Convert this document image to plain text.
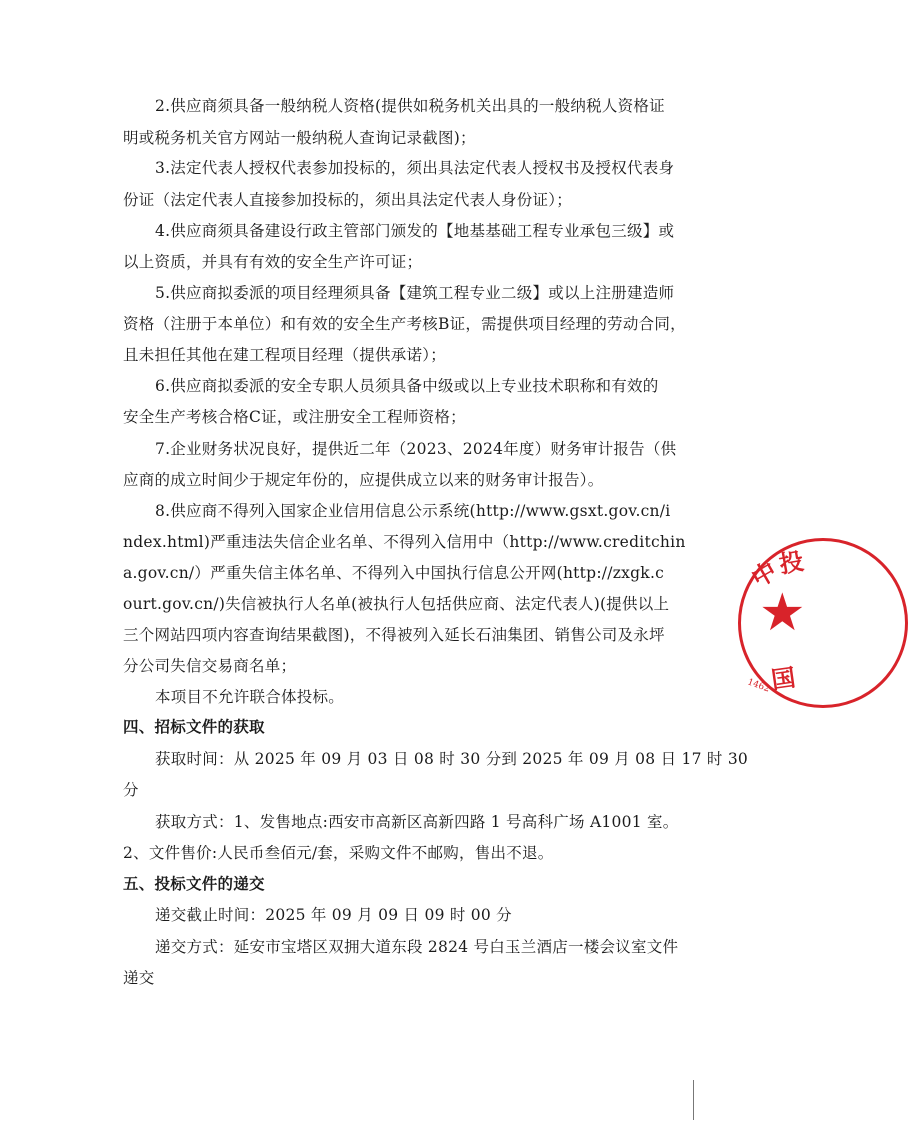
2.供应商须具备一般纳税人资格(提供如税务机关出具的一般纳税人资格证

明或税务机关官方网站一般纳税人查询记录截图)；

3.法定代表人授权代表参加投标的，须出具法定代表人授权书及授权代表身

份证（法定代表人直接参加投标的，须出具法定代表人身份证）；

4.供应商须具备建设行政主管部门颁发的【地基基础工程专业承包三级】或

以上资质，并具有有效的安全生产许可证；

5.供应商拟委派的项目经理须具备【建筑工程专业二级】或以上注册建造师

资格（注册于本单位）和有效的安全生产考核B证，需提供项目经理的劳动合同，

且未担任其他在建工程项目经理（提供承诺）；

6.供应商拟委派的安全专职人员须具备中级或以上专业技术职称和有效的

安全生产考核合格C证，或注册安全工程师资格；

7.企业财务状况良好，提供近二年（2023、2024年度）财务审计报告（供

应商的成立时间少于规定年份的，应提供成立以来的财务审计报告）。

8.供应商不得列入国家企业信用信息公示系统(http://www.gsxt.gov.cn/i

ndex.html)严重违法失信企业名单、不得列入信用中（http://www.creditchin

a.gov.cn/）严重失信主体名单、不得列入中国执行信息公开网(http://zxgk.c

ourt.gov.cn/)失信被执行人名单(被执行人包括供应商、法定代表人)(提供以上

三个网站四项内容查询结果截图)，不得被列入延长石油集团、销售公司及永坪

分公司失信交易商名单；

本项目不允许联合体投标。

四、招标文件的获取

获取时间：从 2025 年 09 月 03 日 08 时 30 分到 2025 年 09 月 08 日 17 时 30

分

获取方式：1、发售地点:西安市高新区高新四路 1 号高科广场 A1001 室。

2、文件售价:人民币叁佰元/套，采购文件不邮购，售出不退。

五、投标文件的递交

递交截止时间：2025 年 09 月 09 日 09 时 00 分

递交方式：延安市宝塔区双拥大道东段 2824 号白玉兰酒店一楼会议室文件

递交

中
投
★
国
1462
